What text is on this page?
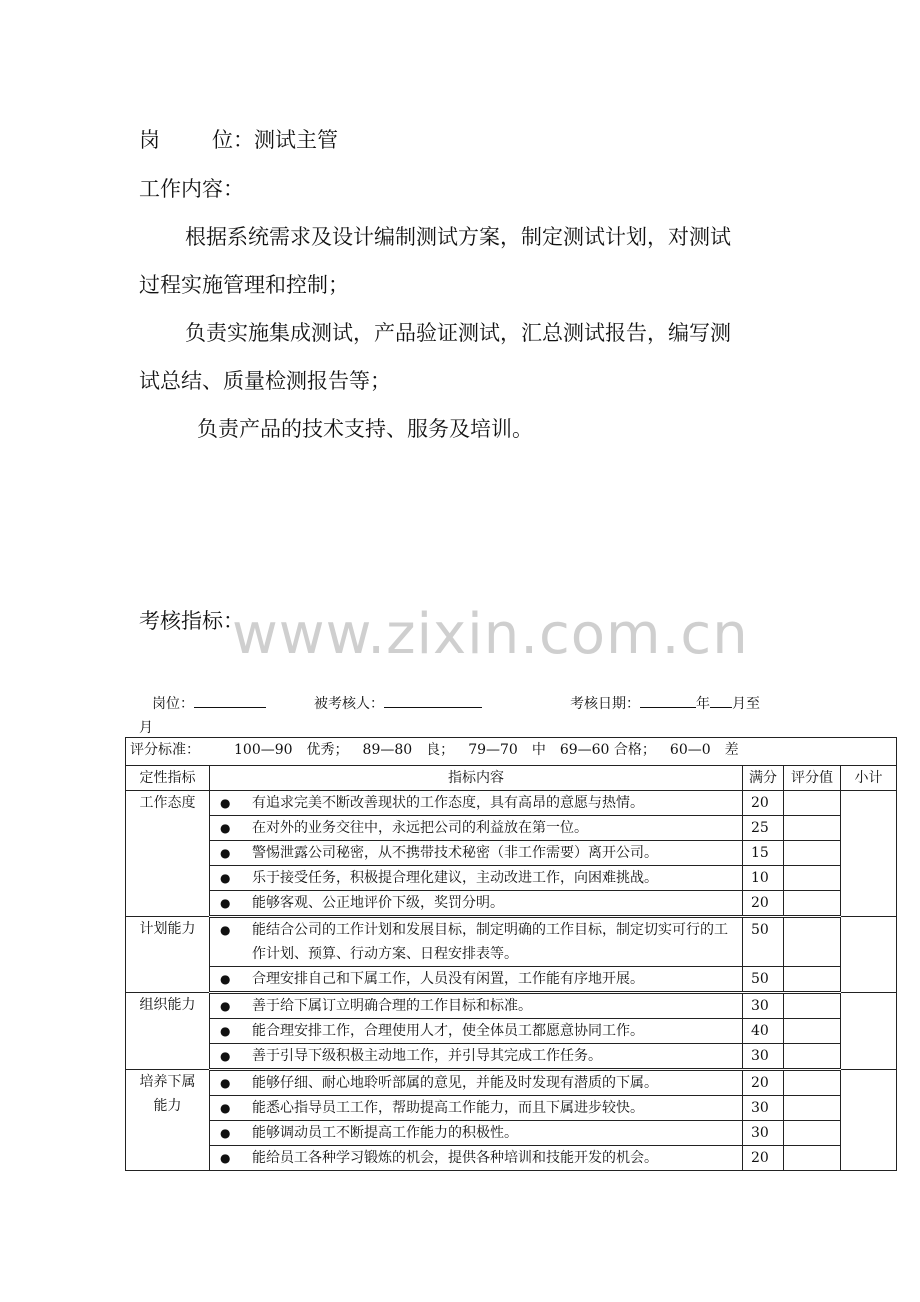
岗 位：测试主管
工作内容：
根据系统需求及设计编制测试方案，制定测试计划，对测试
过程实施管理和控制；
负责实施集成测试，产品验证测试，汇总测试报告，编写测
试总结、质量检测报告等；
负责产品的技术支持、服务及培训。
www.zixin.com.cn
考核指标：
岗位：	被考核人：	考核日期：	年 月至
月
评分标准： 100—90　优秀； 89—80　良； 79—70　中 69—60 合格； 60—0　差				
定性指标	指标内容	满分	评分值	小计
工作态度	● 有追求完美不断改善现状的工作态度，具有高昂的意愿与热情。	20		
	● 在对外的业务交往中，永远把公司的利益放在第一位。	25		
	● 警惕泄露公司秘密，从不携带技术秘密（非工作需要）离开公司。	15		
	● 乐于接受任务，积极提合理化建议，主动改进工作，向困难挑战。	10		
	● 能够客观、公正地评价下级，奖罚分明。	20		
计划能力	● 能结合公司的工作计划和发展目标，制定明确的工作目标，制定切实可行的工作计划、预算、行动方案、日程安排表等。	50		
	● 合理安排自己和下属工作，人员没有闲置，工作能有序地开展。	50		
组织能力	● 善于给下属订立明确合理的工作目标和标准。	30		
	● 能合理安排工作，合理使用人才，使全体员工都愿意协同工作。	40		
	● 善于引导下级积极主动地工作，并引导其完成工作任务。	30		

培养下属
能力	● 能够仔细、耐心地聆听部属的意见，并能及时发现有潜质的下属。	20		
	● 能悉心指导员工工作，帮助提高工作能力，而且下属进步较快。	30		
	● 能够调动员工不断提高工作能力的积极性。	30		
	● 能给员工各种学习锻炼的机会，提供各种培训和技能开发的机会。	20		
